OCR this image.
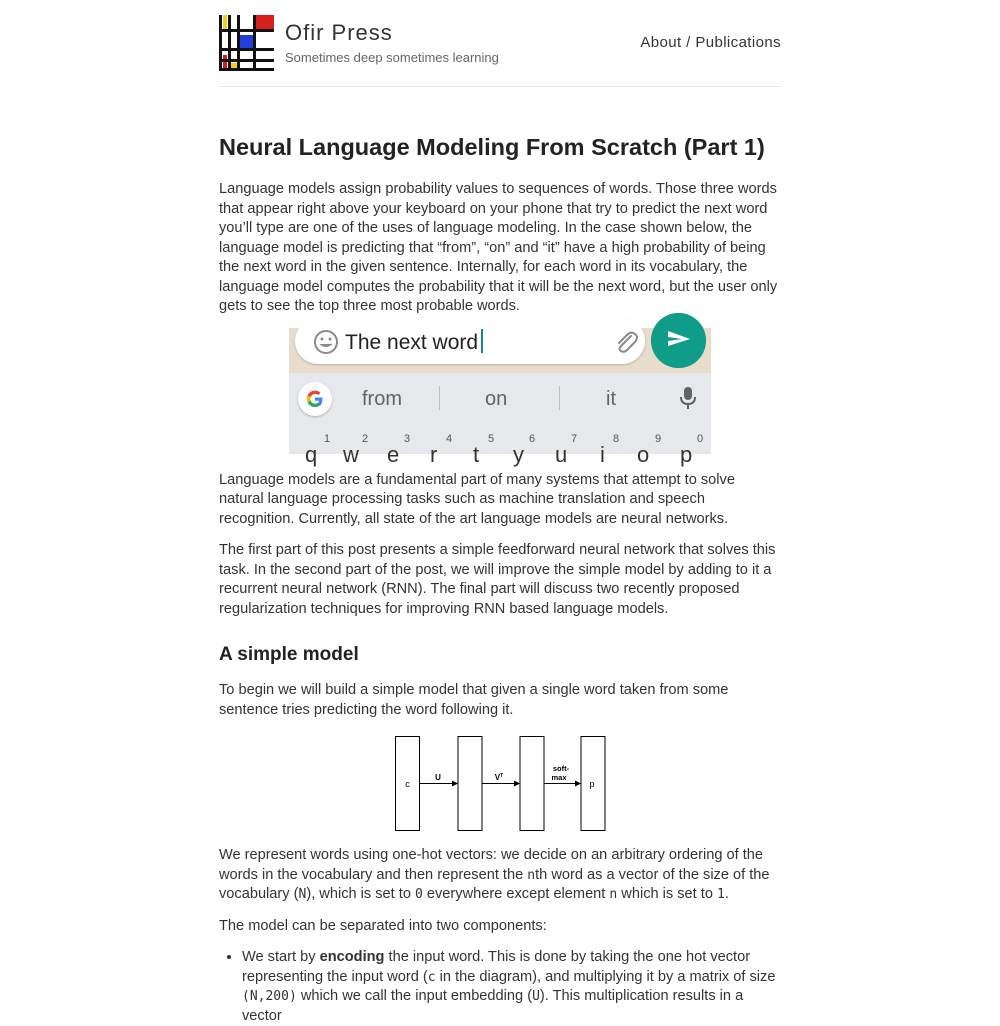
Ofir Press
Sometimes deep sometimes learning
About / Publications
Neural Language Modeling From Scratch (Part 1)

Language models assign probability values to sequences of words. Those three words that appear right above your keyboard on your phone that try to predict the next word you’ll type are one of the uses of language modeling. In the case shown below, the language model is predicting that “from”, “on” and “it” have a high probability of being the next word in the given sentence. Internally, for each word in its vocabulary, the language model computes the probability that it will be the next word, but the user only gets to see the top three most probable words.

The next word
from	on	it
1	2	3	4	5	6	7	8	9	0
q w e r t y u i o p

Language models are a fundamental part of many systems that attempt to solve natural language processing tasks such as machine translation and speech recognition. Currently, all state of the art language models are neural networks.

The first part of this post presents a simple feedforward neural network that solves this task. In the second part of the post, we will improve the simple model by adding to it a recurrent neural network (RNN). The final part will discuss two recently proposed regularization techniques for improving RNN based language models.

A simple model

To begin we will build a simple model that given a single word taken from some sentence tries predicting the word following it.

c
U	$V^T$
soft-
max
p

We represent words using one-hot vectors: we decide on an arbitrary ordering of the words in the vocabulary and then represent the nth word as a vector of the size of the vocabulary (N), which is set to 0 everywhere except element n which is set to 1.

The model can be separated into two components:

• We start by encoding the input word. This is done by taking the one hot vector representing the input word (c in the diagram), and multiplying it by a matrix of size (N,200) which we call the input embedding (U). This multiplication results in a vector
